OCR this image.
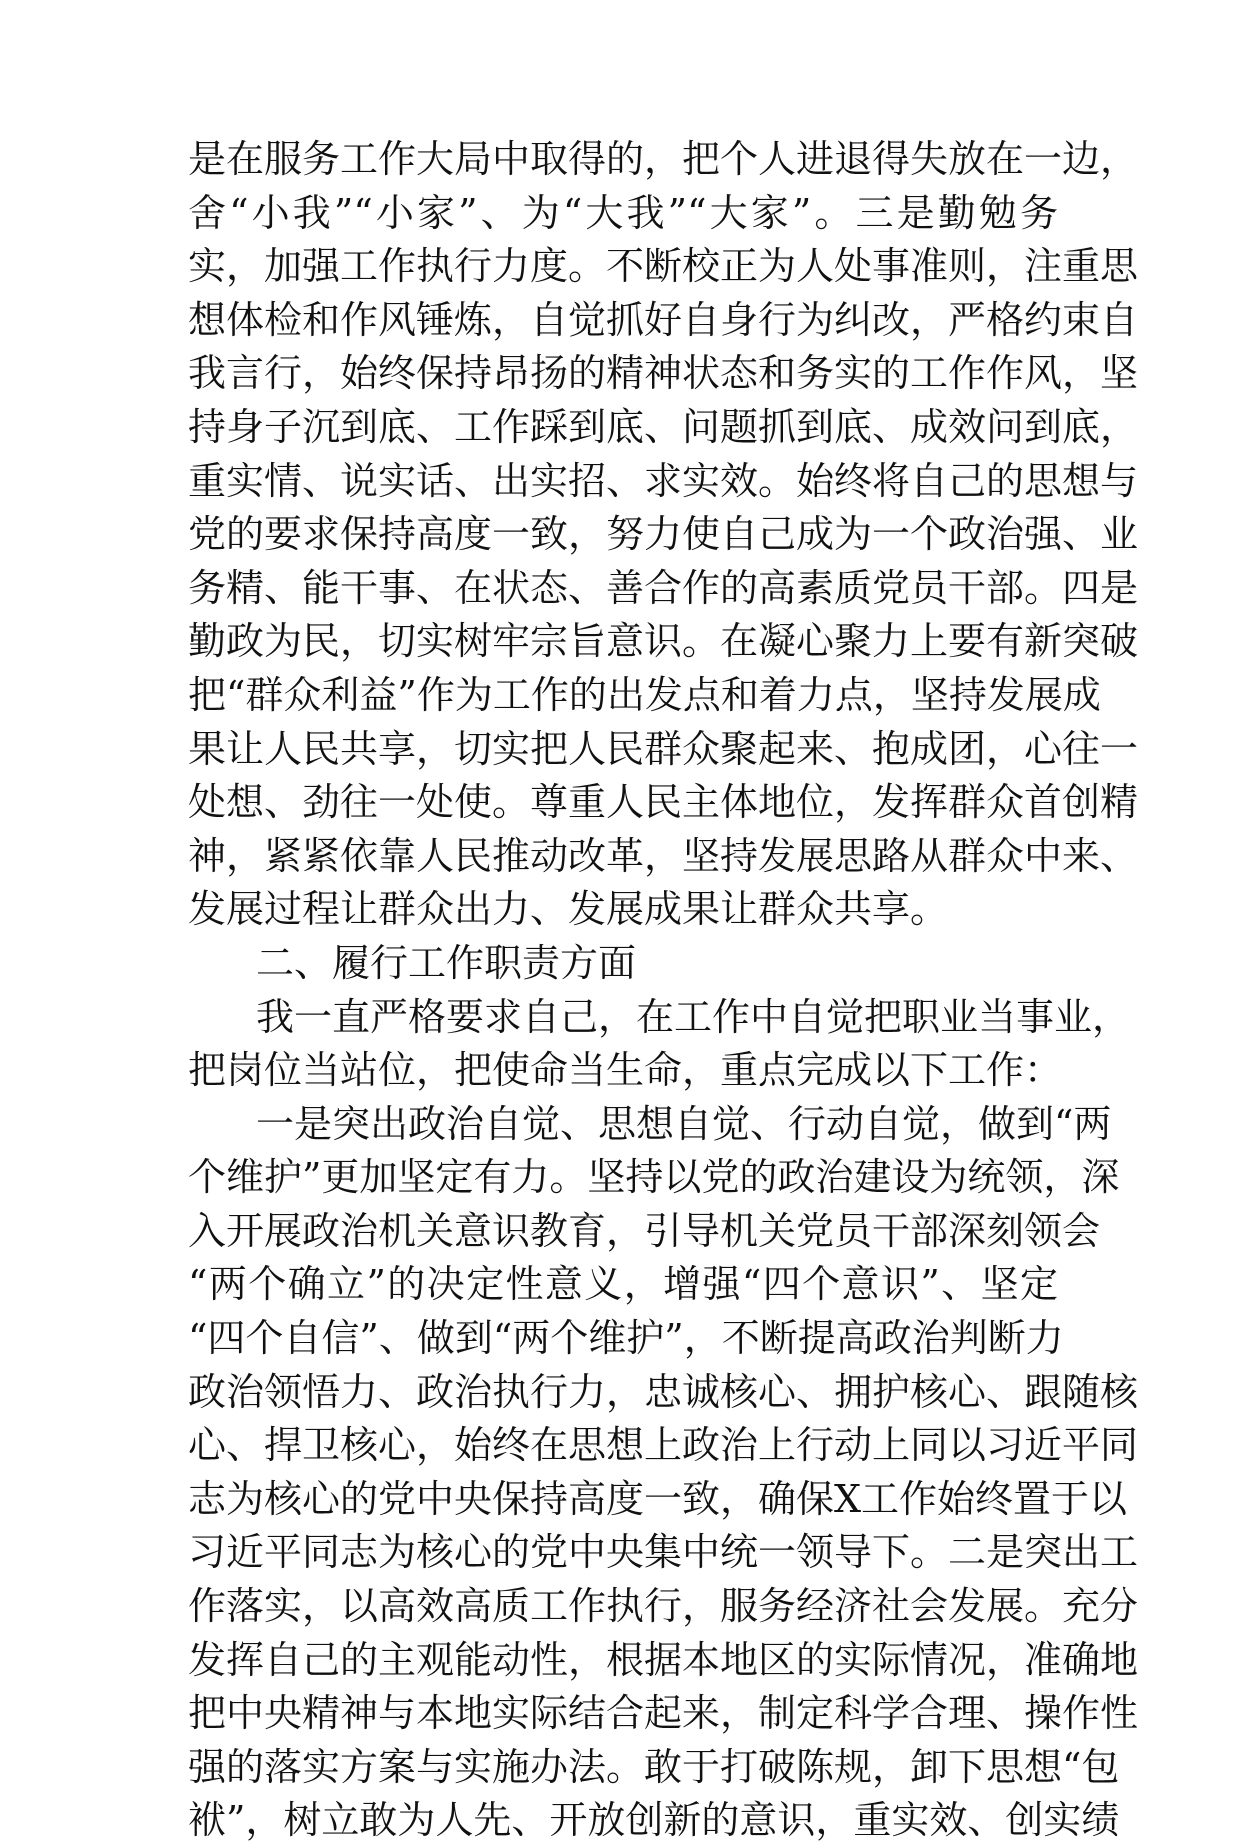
是在服务工作大局中取得的，把个人进退得失放在一边，
舍“小我”“小家”、为“大我”“大家”。三是勤勉务
实，加强工作执行力度。不断校正为人处事准则，注重思
想体检和作风锤炼，自觉抓好自身行为纠改，严格约束自
我言行，始终保持昂扬的精神状态和务实的工作作风，坚
持身子沉到底、工作踩到底、问题抓到底、成效问到底，
重实情、说实话、出实招、求实效。始终将自己的思想与
党的要求保持高度一致，努力使自己成为一个政治强、业
务精、能干事、在状态、善合作的高素质党员干部。四是
勤政为民，切实树牢宗旨意识。在凝心聚力上要有新突破
把“群众利益”作为工作的出发点和着力点，坚持发展成
果让人民共享，切实把人民群众聚起来、抱成团，心往一
处想、劲往一处使。尊重人民主体地位，发挥群众首创精
神，紧紧依靠人民推动改革，坚持发展思路从群众中来、
发展过程让群众出力、发展成果让群众共享。
二、履行工作职责方面
我一直严格要求自己，在工作中自觉把职业当事业，
把岗位当站位，把使命当生命，重点完成以下工作：
一是突出政治自觉、思想自觉、行动自觉，做到“两
个维护”更加坚定有力。坚持以党的政治建设为统领，深
入开展政治机关意识教育，引导机关党员干部深刻领会
“两个确立”的决定性意义，增强“四个意识”、坚定
“四个自信”、做到“两个维护”，不断提高政治判断力
政治领悟力、政治执行力，忠诚核心、拥护核心、跟随核
心、捍卫核心，始终在思想上政治上行动上同以习近平同
志为核心的党中央保持高度一致，确保X工作始终置于以
习近平同志为核心的党中央集中统一领导下。二是突出工
作落实，以高效高质工作执行，服务经济社会发展。充分
发挥自己的主观能动性，根据本地区的实际情况，准确地
把中央精神与本地实际结合起来，制定科学合理、操作性
强的落实方案与实施办法。敢于打破陈规，卸下思想“包
袱”，树立敢为人先、开放创新的意识，重实效、创实绩
